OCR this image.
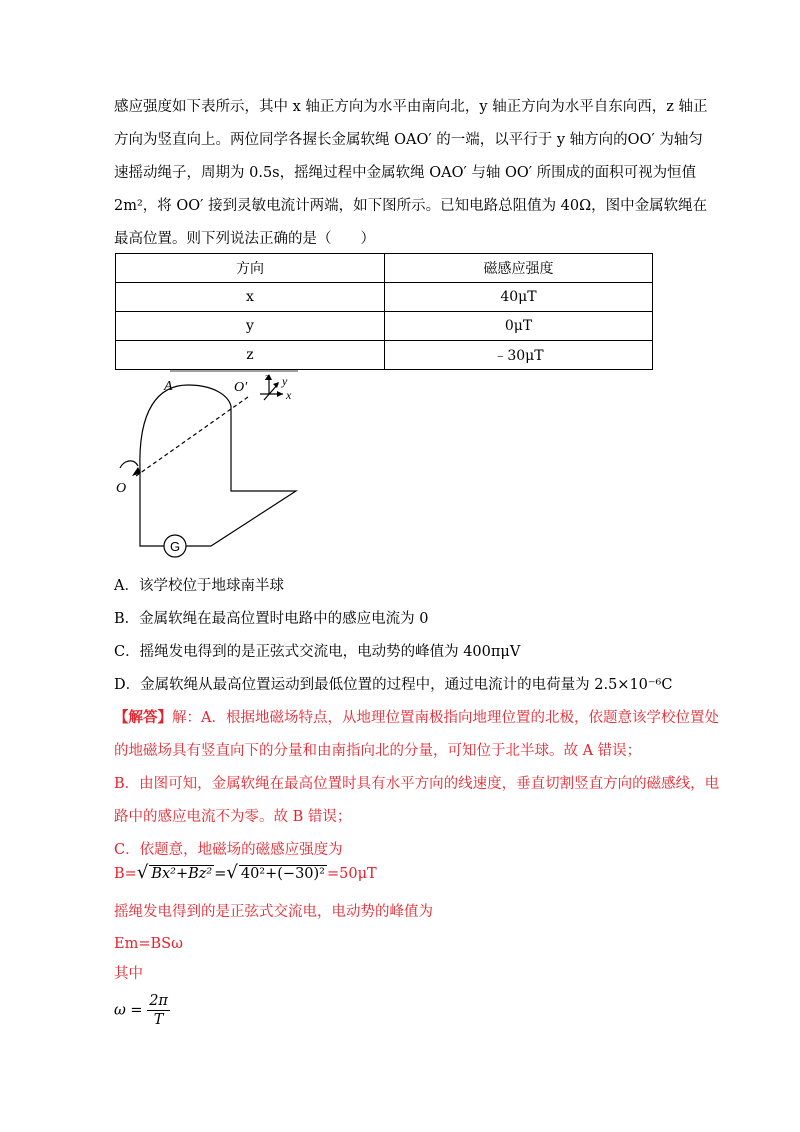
感应强度如下表所示，其中 x 轴正方向为水平由南向北，y 轴正方向为水平自东向西，z 轴正
方向为竖直向上。两位同学各握长金属软绳 OAO′ 的一端，以平行于 y 轴方向的OO′ 为轴匀
速摇动绳子，周期为 0.5s，摇绳过程中金属软绳 OAO′ 与轴 OO′ 所围成的面积可视为恒值
2m²，将 OO′ 接到灵敏电流计两端，如下图所示。已知电路总阻值为 40Ω，图中金属软绳在
最高位置。则下列说法正确的是（　　）
方向	磁感应强度
x	40μT
y	0μT
z	﹣30μT
A	O′
O
z y
x
G
A．该学校位于地球南半球
B．金属软绳在最高位置时电路中的感应电流为 0
C．摇绳发电得到的是正弦式交流电，电动势的峰值为 400πμV
D．金属软绳从最高位置运动到最低位置的过程中，通过电流计的电荷量为 2.5×10⁻⁶C
【解答】解：A．根据地磁场特点，从地理位置南极指向地理位置的北极，依题意该学校位置处
的地磁场具有竖直向下的分量和由南指向北的分量，可知位于北半球。故 A 错误；
B．由图可知，金属软绳在最高位置时具有水平方向的线速度，垂直切割竖直方向的磁感线，电
路中的感应电流不为零。故 B 错误；
C．依题意，地磁场的磁感应强度为
B=√ Bx²+Bz² =√ 40²+(−30)² =50μT
摇绳发电得到的是正弦式交流电，电动势的峰值为
Em=BSω
其中
$\omega = \frac{2\pi}{T}$
